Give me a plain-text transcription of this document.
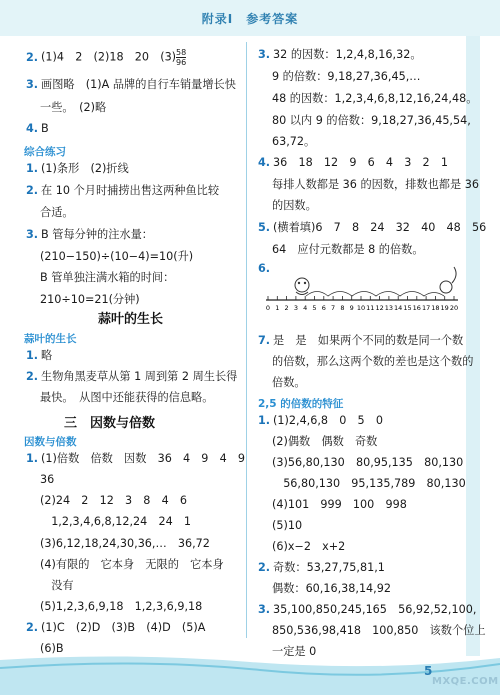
附录Ⅰ　参考答案
2. (1)4　2　(2)18　20　$(3) \frac{58}{96}$
3. 画图略　(1)A 品牌的自行车销量增长快
一些。　(2)略
4. B
1. (1)条形　(2)折线
2. 在 10 个月时捕捞出售这两种鱼比较
合适。
3. B 管每分钟的注水量：
(210−150)÷(10−4)=10(升)
B 管单独注满水箱的时间：
210÷10=21(分钟)
1. 略
2. 生物角黑麦草从第 1 周到第 2 周生长得
最快。　从图中还能获得的信息略。
1. (1)倍数　倍数　因数　36　4　9　4　9
36
(2)24　2　12　3　8　4　6
　1,2,3,4,6,8,12,24　24　1
(3)6,12,18,24,30,36,…　36,72
(4)有限的　它本身　无限的　它本身
　没有
(5)1,2,3,6,9,18　1,2,3,6,9,18
2. (1)C　(2)D　(3)B　(4)D　(5)A
(6)B
3. 32 的因数：1,2,4,8,16,32。
9 的倍数：9,18,27,36,45,…
48 的因数：1,2,3,4,6,8,12,16,24,48。
80 以内 9 的倍数：9,18,27,36,45,54,
63,72。
4. 36　18　12　9　6　4　3　2　1
每排人数都是 36 的因数，排数也都是 36
的因数。
5. (横着填)6　7　8　24　32　40　48　56
64　应付元数都是 8 的倍数。
6.
7. 是　是　如果两个不同的数是同一个数
的倍数，那么这两个数的差也是这个数的
倍数。
1. (1)2,4,6,8　0　5　0
(2)偶数　偶数　奇数
(3)56,80,130　80,95,135　80,130
　56,80,130　95,135,789　80,130
(4)101　999　100　998
(5)10
(6)x−2　x+2
2. 奇数：53,27,75,81,1
偶数：60,16,38,14,92
3. 35,100,850,245,165　56,92,52,100,
850,536,98,418　100,850　该数个位上
一定是 0
综合练习
蒜叶的生长
蒜叶的生长
三　因数与倍数
因数与倍数
2,5 的倍数的特征
0 1 2 3 4 5 6 7 8 9 10 11 12 13 14 15 16 17 18 19 20
5
MXQE.COM
